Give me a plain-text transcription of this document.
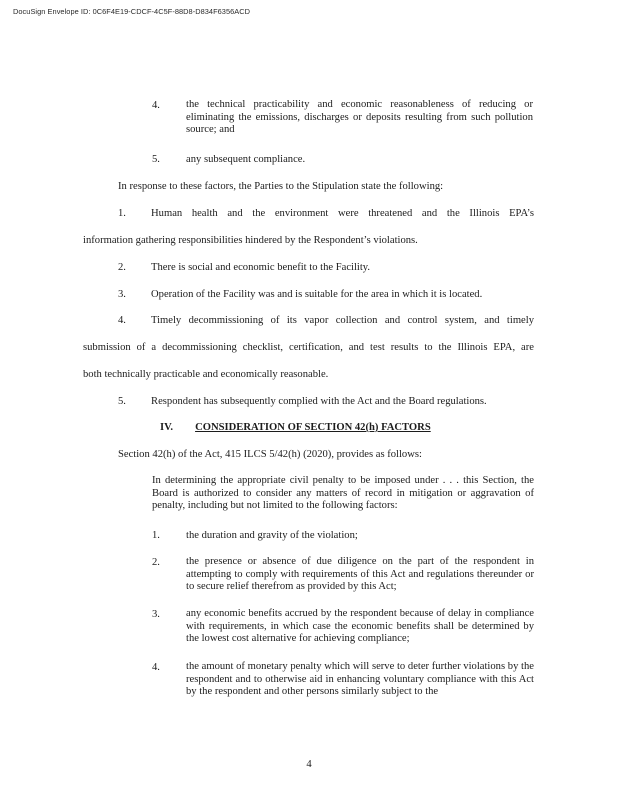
DocuSign Envelope ID: 0C6F4E19-CDCF-4C5F-88D8-D834F6356ACD
4. the technical practicability and economic reasonableness of reducing or eliminating the emissions, discharges or deposits resulting from such pollution source; and
5. any subsequent compliance.
In response to these factors, the Parties to the Stipulation state the following:
1. Human health and the environment were threatened and the Illinois EPA’s
information gathering responsibilities hindered by the Respondent’s violations.
2. There is social and economic benefit to the Facility.
3. Operation of the Facility was and is suitable for the area in which it is located.
4. Timely decommissioning of its vapor collection and control system, and timely
submission of a decommissioning checklist, certification, and test results to the Illinois EPA, are
both technically practicable and economically reasonable.
5. Respondent has subsequently complied with the Act and the Board regulations.
IV. CONSIDERATION OF SECTION 42(h) FACTORS
Section 42(h) of the Act, 415 ILCS 5/42(h) (2020), provides as follows:
In determining the appropriate civil penalty to be imposed under . . . this Section, the Board is authorized to consider any matters of record in mitigation or aggravation of penalty, including but not limited to the following factors:
1. the duration and gravity of the violation;
2. the presence or absence of due diligence on the part of the respondent in attempting to comply with requirements of this Act and regulations thereunder or to secure relief therefrom as provided by this Act;
3. any economic benefits accrued by the respondent because of delay in compliance with requirements, in which case the economic benefits shall be determined by the lowest cost alternative for achieving compliance;
4. the amount of monetary penalty which will serve to deter further violations by the respondent and to otherwise aid in enhancing voluntary compliance with this Act by the respondent and other persons similarly subject to the
4
